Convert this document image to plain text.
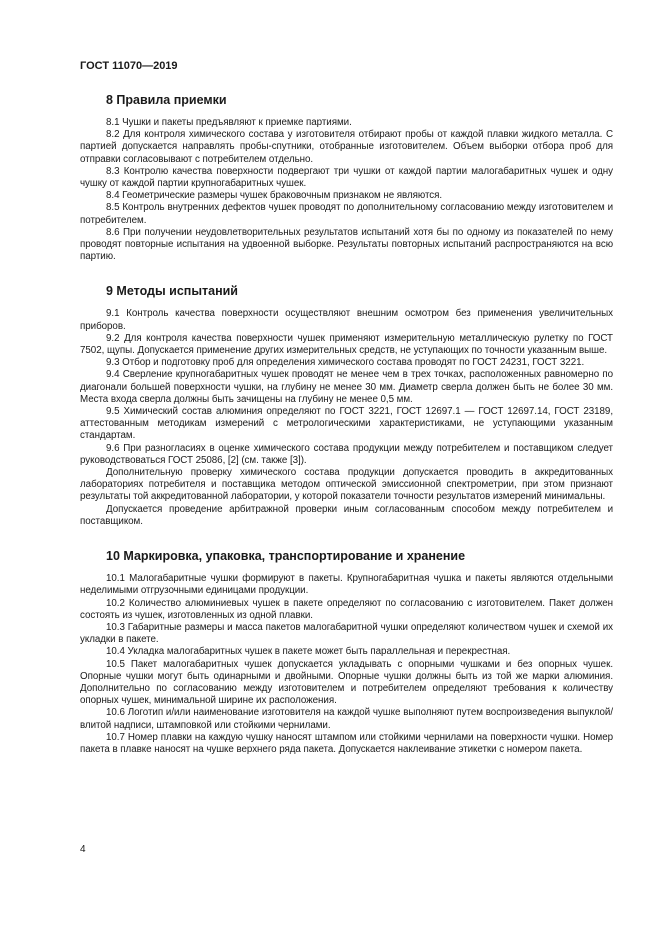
ГОСТ 11070—2019
8 Правила приемки

8.1 Чушки и пакеты предъявляют к приемке партиями.

8.2 Для контроля химического состава у изготовителя отбирают пробы от каждой плавки жидкого металла. С партией допускается направлять пробы-спутники, отобранные изготовителем. Объем выборки отбора проб для отправки согласовывают с потребителем отдельно.

8.3 Контролю качества поверхности подвергают три чушки от каждой партии малогабаритных чушек и одну чушку от каждой партии крупногабаритных чушек.

8.4 Геометрические размеры чушек браковочным признаком не являются.

8.5 Контроль внутренних дефектов чушек проводят по дополнительному согласованию между изготовителем и потребителем.

8.6 При получении неудовлетворительных результатов испытаний хотя бы по одному из показателей по нему проводят повторные испытания на удвоенной выборке. Результаты повторных испытаний распространяются на всю партию.

9 Методы испытаний

9.1 Контроль качества поверхности осуществляют внешним осмотром без применения увеличительных приборов.

9.2 Для контроля качества поверхности чушек применяют измерительную металлическую рулетку по ГОСТ 7502, щупы. Допускается применение других измерительных средств, не уступающих по точности указанным выше.

9.3 Отбор и подготовку проб для определения химического состава проводят по ГОСТ 24231, ГОСТ 3221.

9.4 Сверление крупногабаритных чушек проводят не менее чем в трех точках, расположенных равномерно по диагонали большей поверхности чушки, на глубину не менее 30 мм. Диаметр сверла должен быть не более 30 мм. Места входа сверла должны быть зачищены на глубину не менее 0,5 мм.

9.5 Химический состав алюминия определяют по ГОСТ 3221, ГОСТ 12697.1 — ГОСТ 12697.14, ГОСТ 23189, аттестованным методикам измерений с метрологическими характеристиками, не уступающими указанным стандартам.

9.6 При разногласиях в оценке химического состава продукции между потребителем и поставщиком следует руководствоваться ГОСТ 25086, [2] (см. также [3]).

Дополнительную проверку химического состава продукции допускается проводить в аккредитованных лабораториях потребителя и поставщика методом оптической эмиссионной спектрометрии, при этом признают результаты той аккредитованной лаборатории, у которой показатели точности результатов измерений минимальны.

Допускается проведение арбитражной проверки иным согласованным способом между потребителем и поставщиком.

10 Маркировка, упаковка, транспортирование и хранение

10.1 Малогабаритные чушки формируют в пакеты. Крупногабаритная чушка и пакеты являются отдельными неделимыми отгрузочными единицами продукции.

10.2 Количество алюминиевых чушек в пакете определяют по согласованию с изготовителем. Пакет должен состоять из чушек, изготовленных из одной плавки.

10.3 Габаритные размеры и масса пакетов малогабаритной чушки определяют количеством чушек и схемой их укладки в пакете.

10.4 Укладка малогабаритных чушек в пакете может быть параллельная и перекрестная.

10.5 Пакет малогабаритных чушек допускается укладывать с опорными чушками и без опорных чушек. Опорные чушки могут быть одинарными и двойными. Опорные чушки должны быть из той же марки алюминия. Дополнительно по согласованию между изготовителем и потребителем определяют требования к количеству опорных чушек, минимальной ширине их расположения.

10.6 Логотип и/или наименование изготовителя на каждой чушке выполняют путем воспроизведения выпуклой/влитой надписи, штамповкой или стойкими чернилами.

10.7 Номер плавки на каждую чушку наносят штампом или стойкими чернилами на поверхности чушки. Номер пакета в плавке наносят на чушке верхнего ряда пакета. Допускается наклеивание этикетки с номером пакета.

4
